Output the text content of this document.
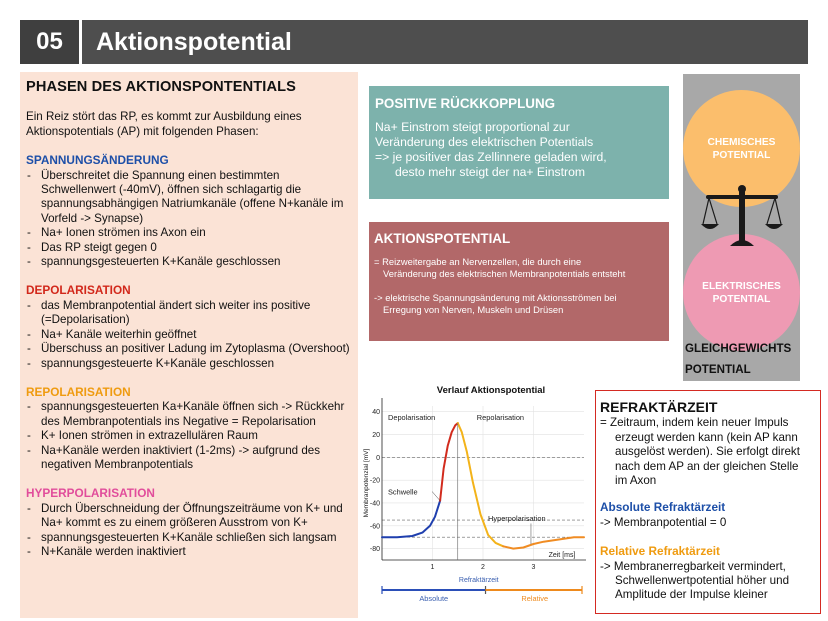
05	Aktionspotential
PHASEN DES AKTIONSPONTENTIALS

Ein Reiz stört das RP, es kommt zur Ausbildung eines Aktionspotentials (AP) mit folgenden Phasen:

SPANNUNGSÄNDERUNG
- Überschreitet die Spannung einen bestimmten Schwellenwert (-40mV), öffnen sich schlagartig die spannungsabhängigen Natriumkanäle (offene N+kanäle im Vorfeld -> Synapse)
- Na+ Ionen strömen ins Axon ein
- Das RP steigt gegen 0
- spannungsgesteuerten K+Kanäle geschlossen
DEPOLARISATION
- das Membranpotential ändert sich weiter ins positive (=Depolarisation)
- Na+ Kanäle weiterhin geöffnet
- Überschuss an positiver Ladung im Zytoplasma (Overshoot)
- spannungsgesteuerte K+Kanäle geschlossen
REPOLARISATION
- spannungsgesteuerten Ka+Kanäle öffnen sich -> Rückkehr des Membranpotentials ins Negative = Repolarisation
- K+ Ionen strömen in extrazellulären Raum
- Na+Kanäle werden inaktiviert (1-2ms) -> aufgrund des negativen Membranpotentials
HYPERPOLARISATION
- Durch Überschneidung der Öffnungszeiträume von K+ und Na+ kommt es zu einem größeren Ausstrom von K+
- spannungsgesteuerten K+Kanäle schließen sich langsam
- N+Kanäle werden inaktiviert
POSITIVE RÜCKKOPPLUNG
Na+ Einstrom steigt proportional zur
Veränderung des elektrischen Potentials
=> je positiver das Zellinnere geladen wird,
desto mehr steigt der na+ Einstrom
AKTIONSPOTENTIAL
= Reizweitergabe an Nervenzellen, die durch eine
Veränderung des elektrischen Membranpotentials entsteht
-> elektrische Spannungsänderung mit Aktionsströmen bei
Erregung von Nerven, Muskeln und Drüsen
CHEMISCHES POTENTIAL
ELEKTRISCHES POTENTIAL
GLEICHGEWICHTS
POTENTIAL
Verlauf Aktionspotential
-80
-60
-40
-20
0
20
40
1	2	3
Zeit [ms]
Membranpotenzial [mV]
Depolarisation	Repolarisation
Schwelle
Hyperpolarisation
Refraktärzeit
Absolute	Relative
REFRAKTÄRZEIT
= Zeitraum, indem kein neuer Impuls
erzeugt werden kann (kein AP kann
ausgelöst werden). Sie erfolgt direkt
nach dem AP an der gleichen Stelle
im Axon
Absolute Refraktärzeit
-> Membranpotential = 0
Relative Refraktärzeit
-> Membranerregbarkeit vermindert,
Schwellenwertpotential höher und
Amplitude der Impulse kleiner
